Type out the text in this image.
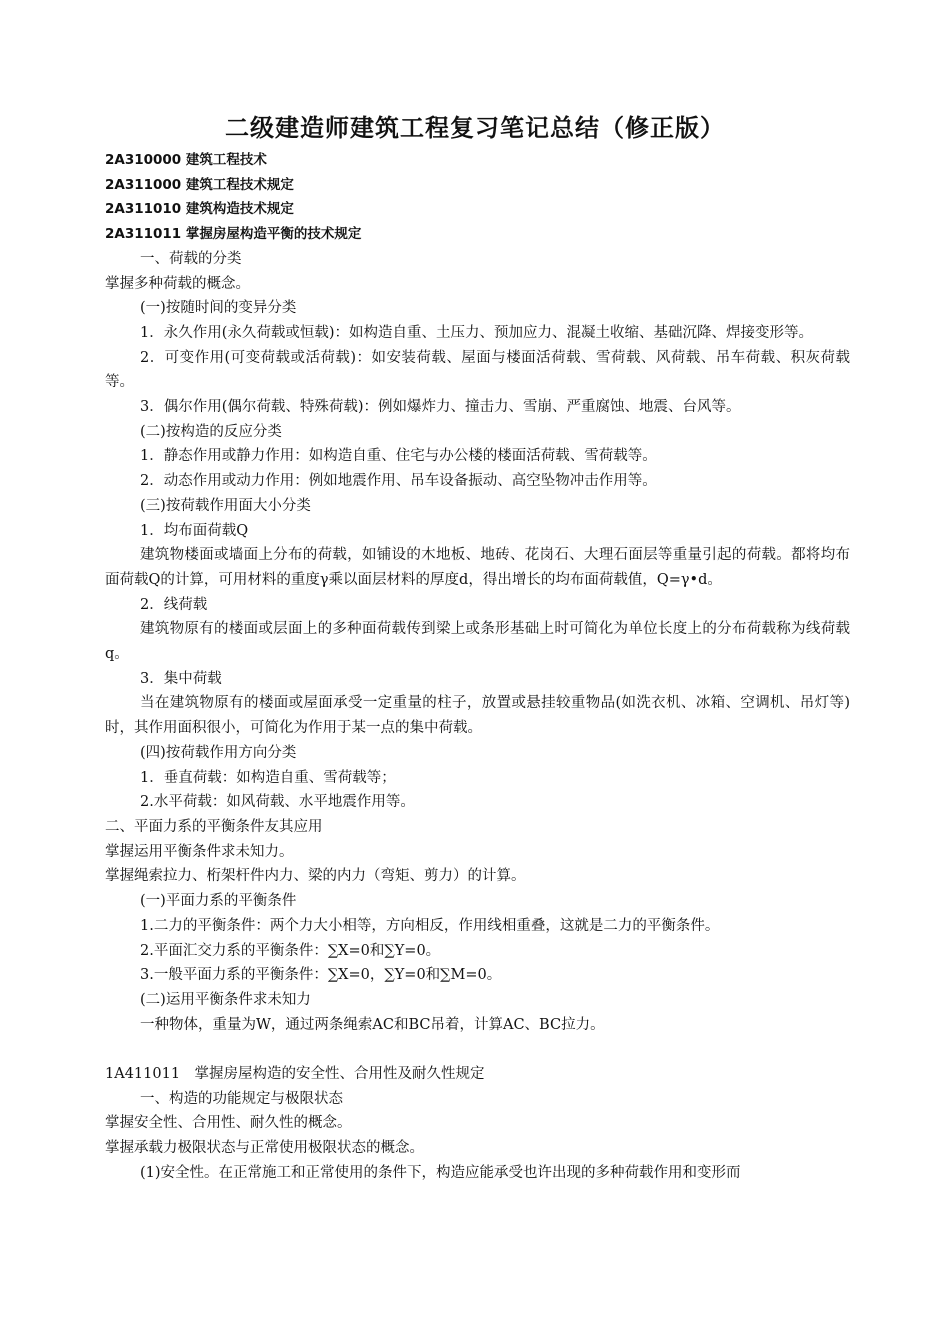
二级建造师建筑工程复习笔记总结（修正版）

2A310000 建筑工程技术

2A311000 建筑工程技术规定

2A311010 建筑构造技术规定

2A311011 掌握房屋构造平衡的技术规定

一、荷载的分类

掌握多种荷载的概念。

(一)按随时间的变异分类

1．永久作用(永久荷载或恒载)：如构造自重、土压力、预加应力、混凝土收缩、基础沉降、焊接变形等。

2．可变作用(可变荷载或活荷载)：如安装荷载、屋面与楼面活荷载、雪荷载、风荷载、吊车荷载、积灰荷载等。

3．偶尔作用(偶尔荷载、特殊荷载)：例如爆炸力、撞击力、雪崩、严重腐蚀、地震、台风等。

(二)按构造的反应分类

1．静态作用或静力作用：如构造自重、住宅与办公楼的楼面活荷载、雪荷载等。

2．动态作用或动力作用：例如地震作用、吊车设备振动、高空坠物冲击作用等。

(三)按荷载作用面大小分类

1．均布面荷载Q

建筑物楼面或墙面上分布的荷载，如铺设的木地板、地砖、花岗石、大理石面层等重量引起的荷载。都将均布面荷载Q的计算，可用材料的重度γ乘以面层材料的厚度d，得出增长的均布面荷载值，Q=γ•d。

2．线荷载

建筑物原有的楼面或层面上的多种面荷载传到梁上或条形基础上时可简化为单位长度上的分布荷载称为线荷载q。

3．集中荷载

当在建筑物原有的楼面或屋面承受一定重量的柱子，放置或悬挂较重物品(如洗衣机、冰箱、空调机、吊灯等)时，其作用面积很小，可简化为作用于某一点的集中荷载。

(四)按荷载作用方向分类

1．垂直荷载：如构造自重、雪荷载等；

2.水平荷载：如风荷载、水平地震作用等。

二、平面力系的平衡条件友其应用

掌握运用平衡条件求未知力。

掌握绳索拉力、桁架杆件内力、梁的内力（弯矩、剪力）的计算。

(一)平面力系的平衡条件

1.二力的平衡条件：两个力大小相等，方向相反，作用线相重叠，这就是二力的平衡条件。

2.平面汇交力系的平衡条件：∑X=0和∑Y=0。

3.一般平面力系的平衡条件：∑X=0，∑Y=0和∑M=0。

(二)运用平衡条件求未知力

一种物体，重量为W，通过两条绳索AC和BC吊着，计算AC、BC拉力。

1A411011　掌握房屋构造的安全性、合用性及耐久性规定

一、构造的功能规定与极限状态

掌握安全性、合用性、耐久性的概念。

掌握承载力极限状态与正常使用极限状态的概念。

(1)安全性。在正常施工和正常使用的条件下，构造应能承受也许出现的多种荷载作用和变形而
